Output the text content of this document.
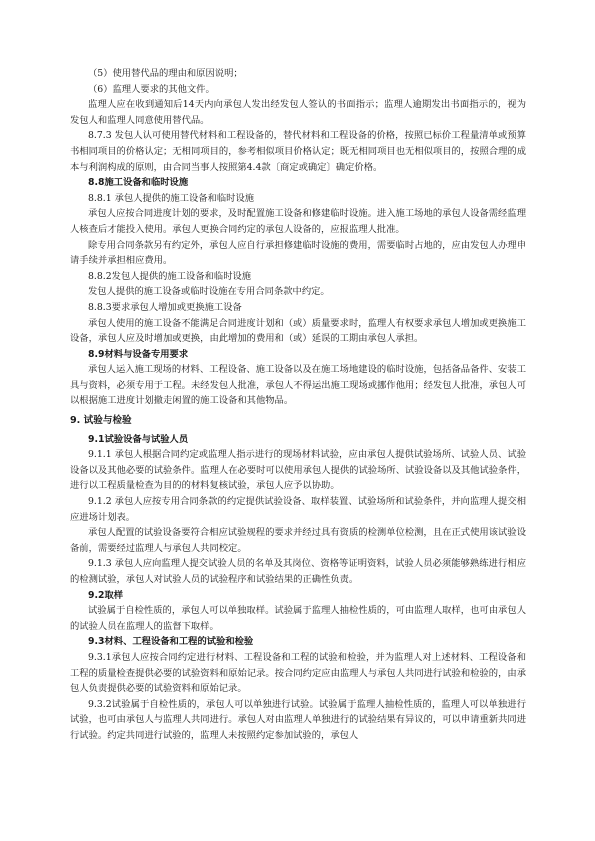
（5）使用替代品的理由和原因说明；

（6）监理人要求的其他文件。

监理人应在收到通知后14天内向承包人发出经发包人签认的书面指示；监理人逾期发出书面指示的，视为发包人和监理人同意使用替代品。

8.7.3 发包人认可使用替代材料和工程设备的，替代材料和工程设备的价格，按照已标价工程量清单或预算书相同项目的价格认定；无相同项目的，参考相似项目价格认定；既无相同项目也无相似项目的，按照合理的成本与利润构成的原则，由合同当事人按照第4.4款〔商定或确定〕确定价格。

8.8施工设备和临时设施

8.8.1 承包人提供的施工设备和临时设施

承包人应按合同进度计划的要求，及时配置施工设备和修建临时设施。进入施工场地的承包人设备需经监理人核查后才能投入使用。承包人更换合同约定的承包人设备的，应报监理人批准。

除专用合同条款另有约定外，承包人应自行承担修建临时设施的费用，需要临时占地的，应由发包人办理申请手续并承担相应费用。

8.8.2发包人提供的施工设备和临时设施

发包人提供的施工设备或临时设施在专用合同条款中约定。

8.8.3要求承包人增加或更换施工设备

承包人使用的施工设备不能满足合同进度计划和（或）质量要求时，监理人有权要求承包人增加或更换施工设备，承包人应及时增加或更换，由此增加的费用和（或）延误的工期由承包人承担。

8.9材料与设备专用要求

承包人运入施工现场的材料、工程设备、施工设备以及在施工场地建设的临时设施，包括备品备件、安装工具与资料，必须专用于工程。未经发包人批准，承包人不得运出施工现场或挪作他用；经发包人批准，承包人可以根据施工进度计划撤走闲置的施工设备和其他物品。

9. 试验与检验

9.1试验设备与试验人员

9.1.1 承包人根据合同约定或监理人指示进行的现场材料试验，应由承包人提供试验场所、试验人员、试验设备以及其他必要的试验条件。监理人在必要时可以使用承包人提供的试验场所、试验设备以及其他试验条件，进行以工程质量检查为目的的材料复核试验，承包人应予以协助。

9.1.2 承包人应按专用合同条款的约定提供试验设备、取样装置、试验场所和试验条件，并向监理人提交相应进场计划表。

承包人配置的试验设备要符合相应试验规程的要求并经过具有资质的检测单位检测，且在正式使用该试验设备前，需要经过监理人与承包人共同校定。

9.1.3 承包人应向监理人提交试验人员的名单及其岗位、资格等证明资料，试验人员必须能够熟练进行相应的检测试验，承包人对试验人员的试验程序和试验结果的正确性负责。

9.2取样

试验属于自检性质的，承包人可以单独取样。试验属于监理人抽检性质的，可由监理人取样，也可由承包人的试验人员在监理人的监督下取样。

9.3材料、工程设备和工程的试验和检验

9.3.1承包人应按合同约定进行材料、工程设备和工程的试验和检验，并为监理人对上述材料、工程设备和工程的质量检查提供必要的试验资料和原始记录。按合同约定应由监理人与承包人共同进行试验和检验的，由承包人负责提供必要的试验资料和原始记录。

9.3.2试验属于自检性质的，承包人可以单独进行试验。试验属于监理人抽检性质的，监理人可以单独进行试验，也可由承包人与监理人共同进行。承包人对由监理人单独进行的试验结果有异议的，可以申请重新共同进行试验。约定共同进行试验的，监理人未按照约定参加试验的，承包人
